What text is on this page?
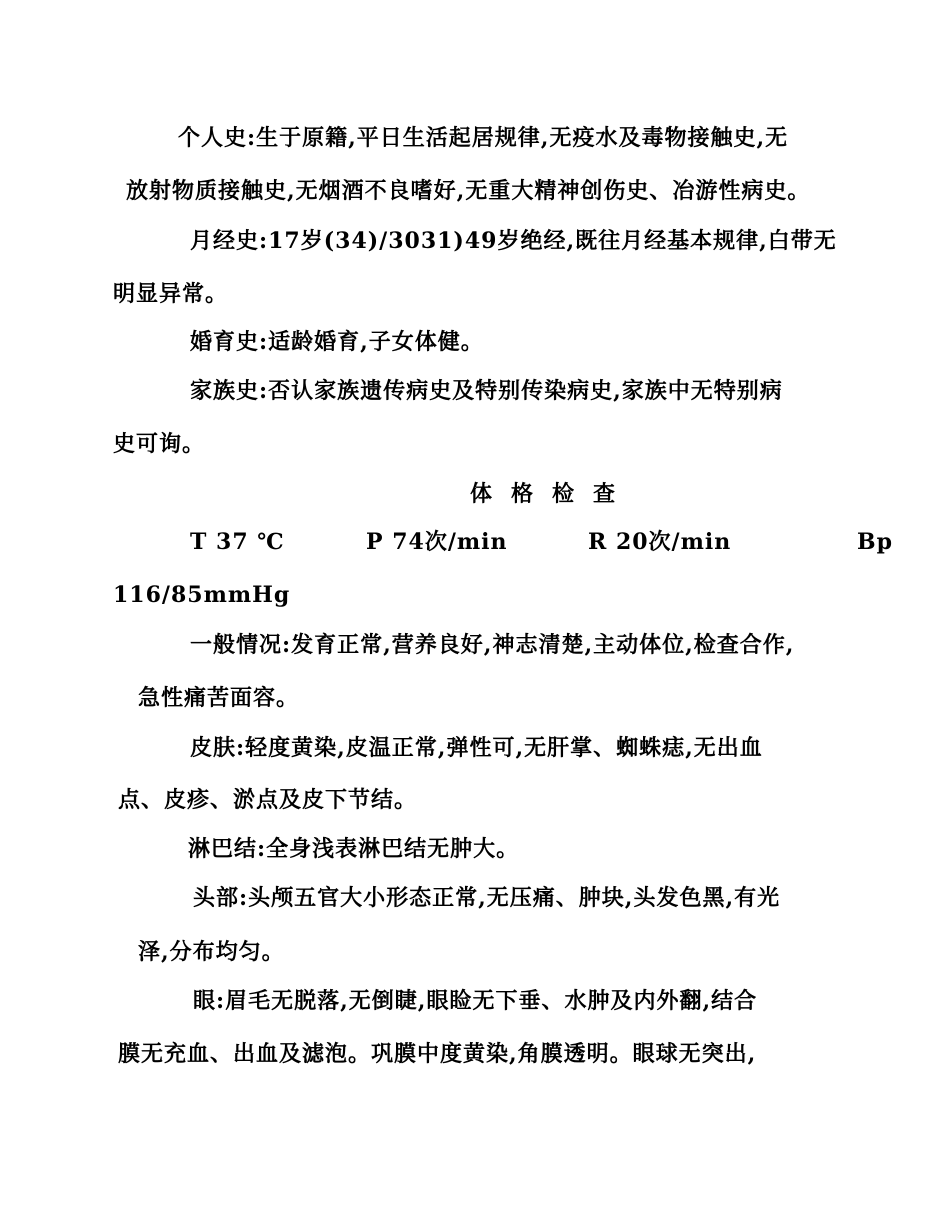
个人史:生于原籍,平日生活起居规律,无疫水及毒物接触史,无
放射物质接触史,无烟酒不良嗜好,无重大精神创伤史、冶游性病史。
月经史:17岁(34)/3031)49岁绝经,既往月经基本规律,白带无
明显异常。
婚育史:适龄婚育,子女体健。
家族史:否认家族遗传病史及特别传染病史,家族中无特别病
史可询。
体格检查
T 37 ℃	P 74次/min	R 20次/min	Bp
116/85mmHg
一般情况:发育正常,营养良好,神志清楚,主动体位,检查合作,
急性痛苦面容。
皮肤:轻度黄染,皮温正常,弹性可,无肝掌、蜘蛛痣,无出血
点、皮疹、淤点及皮下节结。
淋巴结:全身浅表淋巴结无肿大。
头部:头颅五官大小形态正常,无压痛、肿块,头发色黑,有光
泽,分布均匀。
眼:眉毛无脱落,无倒睫,眼睑无下垂、水肿及内外翻,结合
膜无充血、出血及滤泡。巩膜中度黄染,角膜透明。眼球无突出,
